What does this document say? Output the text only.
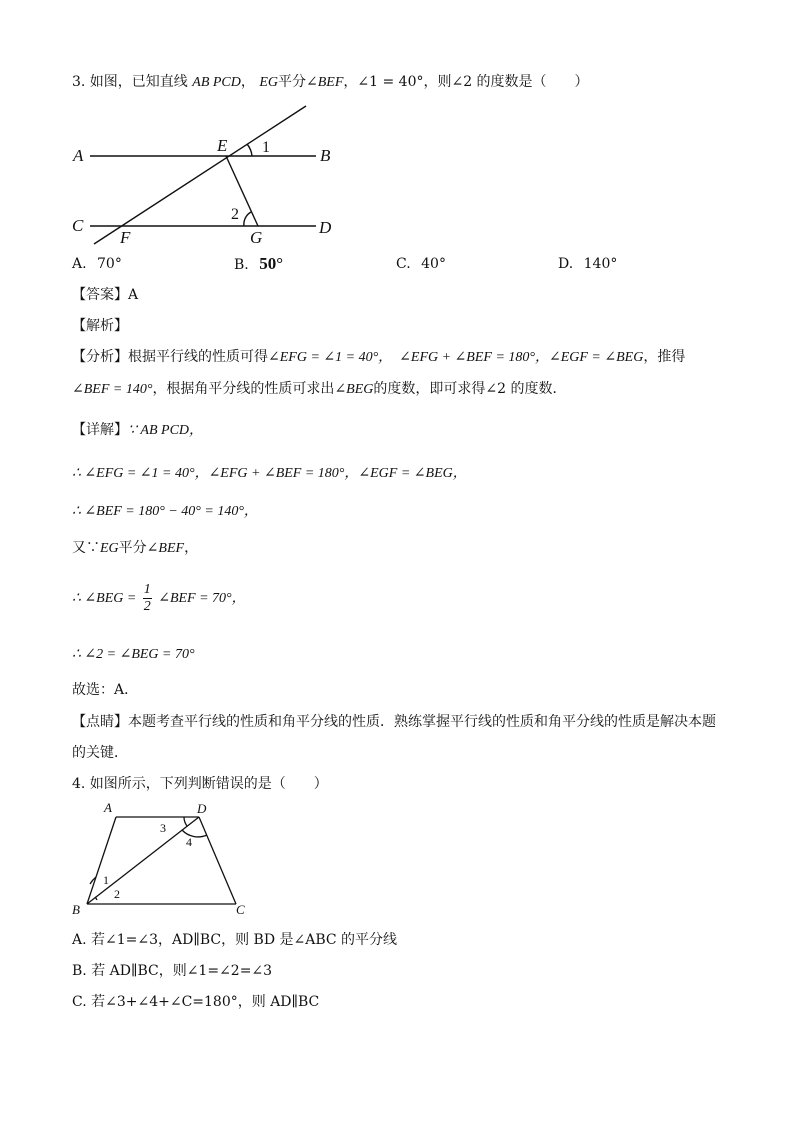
3. 如图，已知直线 AB PCD， EG平分∠BEF，∠1 = 40°，则∠2 的度数是（　　）
A	B
C	D
E
F	G
1
2
A. 70°	B. 50°	C. 40°	D. 140°
【答案】A
【解析】
【分析】根据平行线的性质可得∠EFG = ∠1 = 40°，　∠EFG + ∠BEF = 180°，∠EGF = ∠BEG，推得
∠BEF = 140°，根据角平分线的性质可求出∠BEG的度数，即可求得∠2 的度数．
【详解】∵ AB PCD，
∴ ∠EFG = ∠1 = 40°，∠EFG + ∠BEF = 180°，∠EGF = ∠BEG，
∴ ∠BEF = 180° − 40° = 140°，
又∵EG平分∠BEF，
∴ ∠BEG = $\frac{1}{2}$ ∠BEF = 70°，
∴ ∠2 = ∠BEG = 70°
故选：A．
【点睛】本题考查平行线的性质和角平分线的性质．熟练掌握平行线的性质和角平分线的性质是解决本题
的关键．
4. 如图所示，下列判断错误的是（　　）
A	D
B	C
1
2
3
4
A. 若∠1=∠3，AD∥BC，则 BD 是∠ABC 的平分线
B. 若 AD∥BC，则∠1=∠2=∠3
C. 若∠3+∠4+∠C=180°，则 AD∥BC
